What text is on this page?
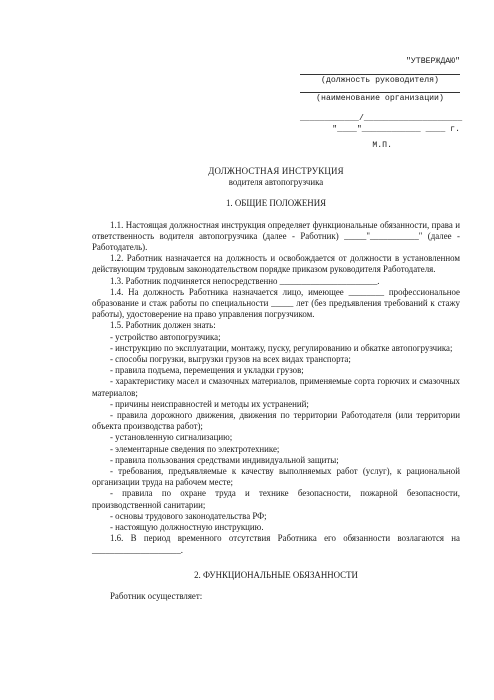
"УТВЕРЖДАЮ"
(должность руководителя)
(наименование организации)
____________/____________________
"____"____________ ____ г.
М.П.
ДОЛЖНОСТНАЯ ИНСТРУКЦИЯ
водителя автопогрузчика
1. ОБЩИЕ ПОЛОЖЕНИЯ

1.1. Настоящая должностная инструкция определяет функциональные обязанности, права и ответственность водителя автопогрузчика (далее - Работник) _____"___________" (далее - Работодатель).

1.2. Работник назначается на должность и освобождается от должности в установленном действующим трудовым законодательством порядке приказом руководителя Работодателя.

1.3. Работник подчиняется непосредственно ______________________.

1.4. На должность Работника назначается лицо, имеющее ________ профессиональное образование и стаж работы по специальности _____ лет (без предъявления требований к стажу работы), удостоверение на право управления погрузчиком.

1.5. Работник должен знать:

- устройство автопогрузчика;

- инструкцию по эксплуатации, монтажу, пуску, регулированию и обкатке автопогрузчика;

- способы погрузки, выгрузки грузов на всех видах транспорта;

- правила подъема, перемещения и укладки грузов;

- характеристику масел и смазочных материалов, применяемые сорта горючих и смазочных материалов;

- причины неисправностей и методы их устранений;

- правила дорожного движения, движения по территории Работодателя (или территории объекта производства работ);

- установленную сигнализацию;

- элементарные сведения по электротехнике;

- правила пользования средствами индивидуальной защиты;

- требования, предъявляемые к качеству выполняемых работ (услуг), к рациональной организации труда на рабочем месте;

- правила по охране труда и технике безопасности, пожарной безопасности, производственной санитарии;

- основы трудового законодательства РФ;

- настоящую должностную инструкцию.

1.6. В период временного отсутствия Работника его обязанности возлагаются на ____________________.

2. ФУНКЦИОНАЛЬНЫЕ ОБЯЗАННОСТИ

Работник осуществляет:
